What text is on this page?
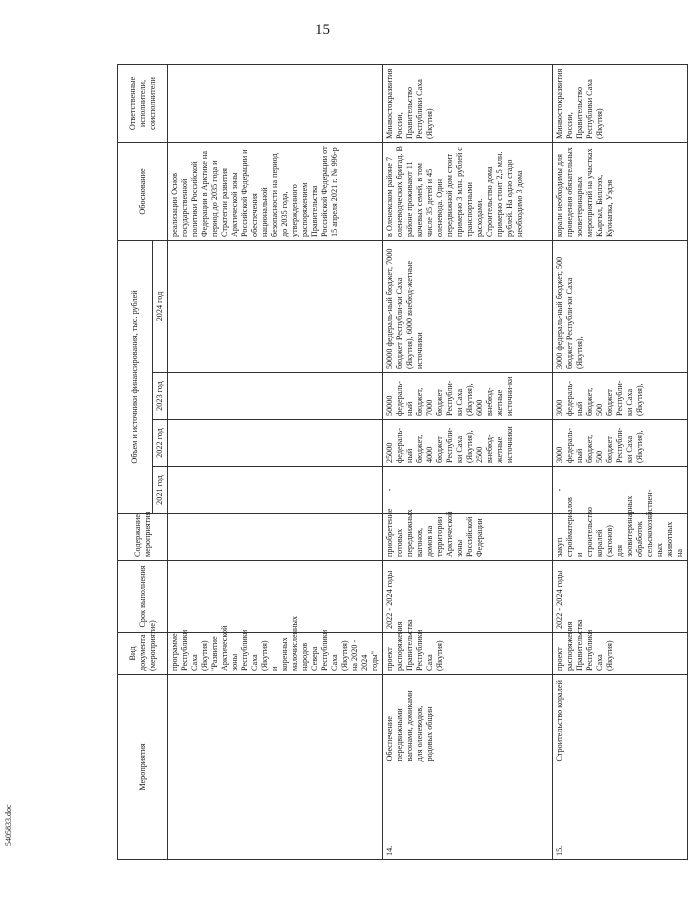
15
5405833.doc
Мероприятия		Вид документа (мероприятие)	Срок выполнения	Содержание мероприятия	Объем и источники финансирования, тыс. рублей				Обоснование	Ответственные исполнители, соисполнители
					2021 год	2022 год	2023 год	2024 год		
		программе Республики Саха (Якутия) "Развитие Арктической зоны Республики Саха (Якутия) и коренных малочисленных народов Севера Республики Саха (Якутия) на 2020 - 2024 годы"							реализации Основ государственной политики Российской Федерации в Арктике на период до 2035 года и Стратегии развития Арктической зоны Российской Федерации и обеспечения национальной безопасности на период до 2035 года, утвержденного распоряжением Правительства Российской Федерации от 15 апреля 2021 г. № 996-р	
14.	Обеспечение передвижными вагонами, домиками для оленеводов, родовых общин	проект распоряжения Правительства Республики Саха (Якутия)	2022 - 2024 годы	приобретение готовых передвижных вагонов, домов на территории Арктической зоны Российской Федерации	-	25000 федераль-ный бюджет, 4000 бюджет Республи-ки Саха (Якутия), 2500 внебюд-жетные источники	50000 федераль-ный бюджет, 7000 бюджет Республи-ки Саха (Якутия), 6000 внебюд-жетные источни-ки	50000 федераль-ный бюджет, 7000 бюджет Республи-ки Саха (Якутия), 6000 внебюд-жетные источники	в Оленекском районе 7 оленеводческих бригад. В районе проживают 11 кочевых семей, в том числе 35 детей и 45 оленевода. Один передвижной дом стоит примерно 3 млн. рублей с транспортными расходами. Строительство дома примерно стоит 2,5 млн. рублей. На одно стадо необходимо 3 дома	Минвостокразвития России, Правительство Республики Саха (Якутия)
15.	Строительство коралей	проект распоряжения Правительства Республики Саха (Якутия)	2022 - 2024 годы	закуп стройматериалов и строительство коралей (загонов) для зоовитеринарных обработок сельскохозяйствен-ных животных на	-	3000 федераль-ный бюджет, 500 бюджет Республи-ки Саха (Якутия),	3000 федераль-ный бюджет, 500 бюджет Республи-ки Саха (Якутия),	3000 федераль-ный бюджет, 500 бюджет Республи-ки Саха (Якутия),	корали необходимы для проведения обязательных зооветеринарных мероприятий на участках Кыргыл, Биллээх, Куонапка, Уэдэя	Минвостокразвития России, Правительство Республики Саха (Якутия)
